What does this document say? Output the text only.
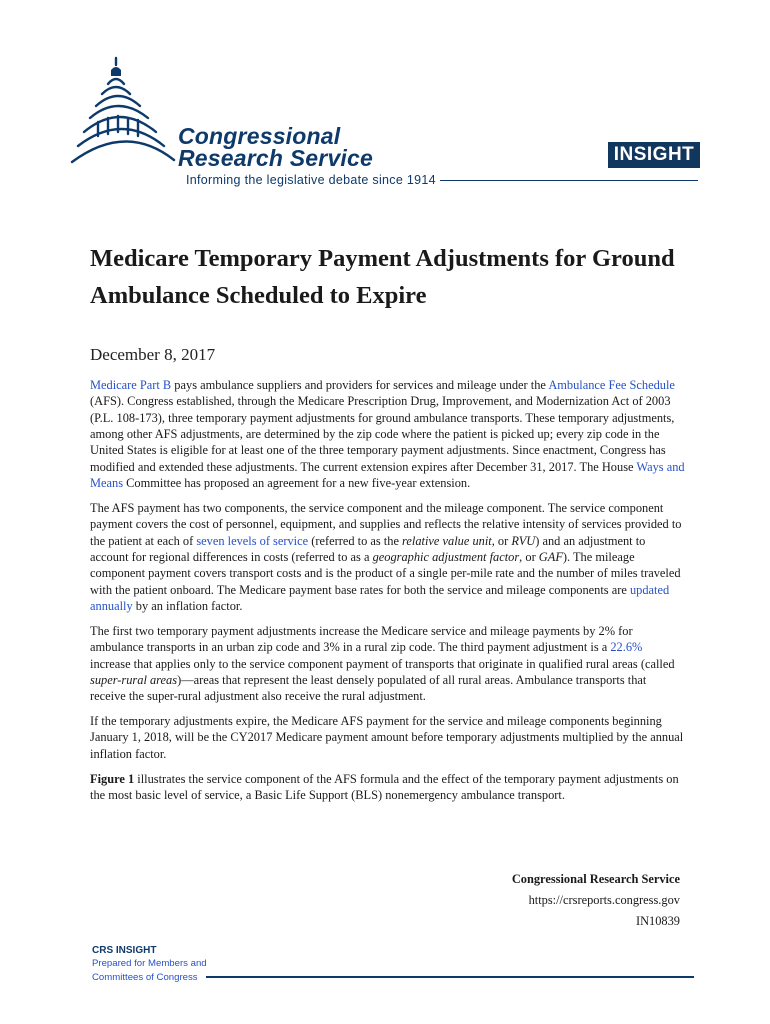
Congressional
Research Service
Informing the legislative debate since 1914
INSIGHT
Medicare Temporary Payment Adjustments for Ground Ambulance Scheduled to Expire
December 8, 2017

Medicare Part B pays ambulance suppliers and providers for services and mileage under the Ambulance Fee Schedule (AFS). Congress established, through the Medicare Prescription Drug, Improvement, and Modernization Act of 2003 (P.L. 108-173), three temporary payment adjustments for ground ambulance transports. These temporary adjustments, among other AFS adjustments, are determined by the zip code where the patient is picked up; every zip code in the United States is eligible for at least one of the three temporary payment adjustments. Since enactment, Congress has modified and extended these adjustments. The current extension expires after December 31, 2017. The House Ways and Means Committee has proposed an agreement for a new five-year extension.

The AFS payment has two components, the service component and the mileage component. The service component payment covers the cost of personnel, equipment, and supplies and reflects the relative intensity of services provided to the patient at each of seven levels of service (referred to as the relative value unit, or RVU) and an adjustment to account for regional differences in costs (referred to as a geographic adjustment factor, or GAF). The mileage component payment covers transport costs and is the product of a single per-mile rate and the number of miles traveled with the patient onboard. The Medicare payment base rates for both the service and mileage components are updated annually by an inflation factor.

The first two temporary payment adjustments increase the Medicare service and mileage payments by 2% for ambulance transports in an urban zip code and 3% in a rural zip code. The third payment adjustment is a 22.6% increase that applies only to the service component payment of transports that originate in qualified rural areas (called super-rural areas)—areas that represent the least densely populated of all rural areas. Ambulance transports that receive the super-rural adjustment also receive the rural adjustment.

If the temporary adjustments expire, the Medicare AFS payment for the service and mileage components beginning January 1, 2018, will be the CY2017 Medicare payment amount before temporary adjustments multiplied by the annual inflation factor.

Figure 1 illustrates the service component of the AFS formula and the effect of the temporary payment adjustments on the most basic level of service, a Basic Life Support (BLS) nonemergency ambulance transport.

Congressional Research Service
https://crsreports.congress.gov
IN10839
CRS INSIGHT
Prepared for Members and
Committees of Congress
